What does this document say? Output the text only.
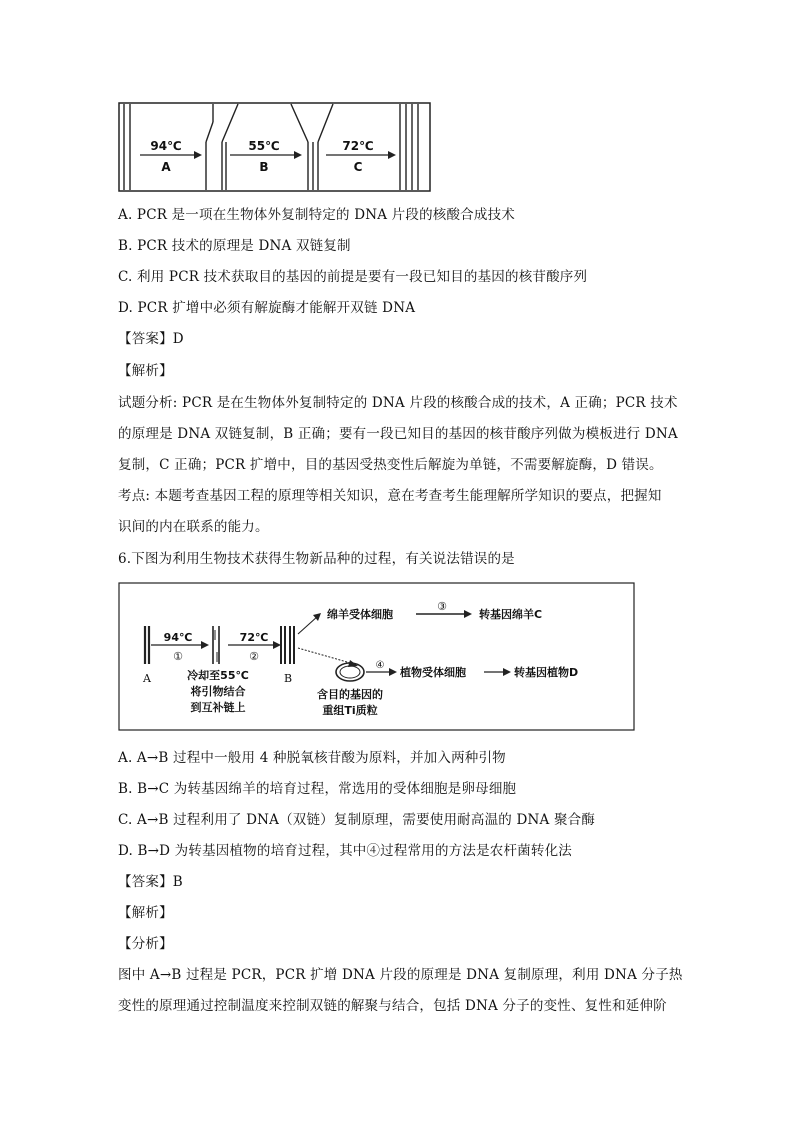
94℃
A
55℃
B
72℃
C
A. PCR 是一项在生物体外复制特定的 DNA 片段的核酸合成技术
B. PCR 技术的原理是 DNA 双链复制
C. 利用 PCR 技术获取目的基因的前提是要有一段已知目的基因的核苷酸序列
D. PCR 扩增中必须有解旋酶才能解开双链 DNA
【答案】D
【解析】
试题分析: PCR 是在生物体外复制特定的 DNA 片段的核酸合成的技术，A 正确；PCR 技术
的原理是 DNA 双链复制，B 正确；要有一段已知目的基因的核苷酸序列做为模板进行 DNA
复制，C 正确；PCR 扩增中，目的基因受热变性后解旋为单链，不需要解旋酶，D 错误。
考点: 本题考查基因工程的原理等相关知识，意在考查考生能理解所学知识的要点，把握知
识间的内在联系的能力。
6.下图为利用生物技术获得生物新品种的过程，有关说法错误的是
A
94℃
①
72℃
②
冷却至55℃
将引物结合
到互补链上
B
绵羊受体细胞
③
转基因绵羊C
含目的基因的
重组Ti质粒
④
植物受体细胞	转基因植物D
A. A→B 过程中一般用 4 种脱氧核苷酸为原料，并加入两种引物
B. B→C 为转基因绵羊的培育过程，常选用的受体细胞是卵母细胞
C. A→B 过程利用了 DNA（双链）复制原理，需要使用耐高温的 DNA 聚合酶
D. B→D 为转基因植物的培育过程，其中④过程常用的方法是农杆菌转化法
【答案】B
【解析】
【分析】
图中 A→B 过程是 PCR，PCR 扩增 DNA 片段的原理是 DNA 复制原理，利用 DNA 分子热
变性的原理通过控制温度来控制双链的解聚与结合，包括 DNA 分子的变性、复性和延伸阶
